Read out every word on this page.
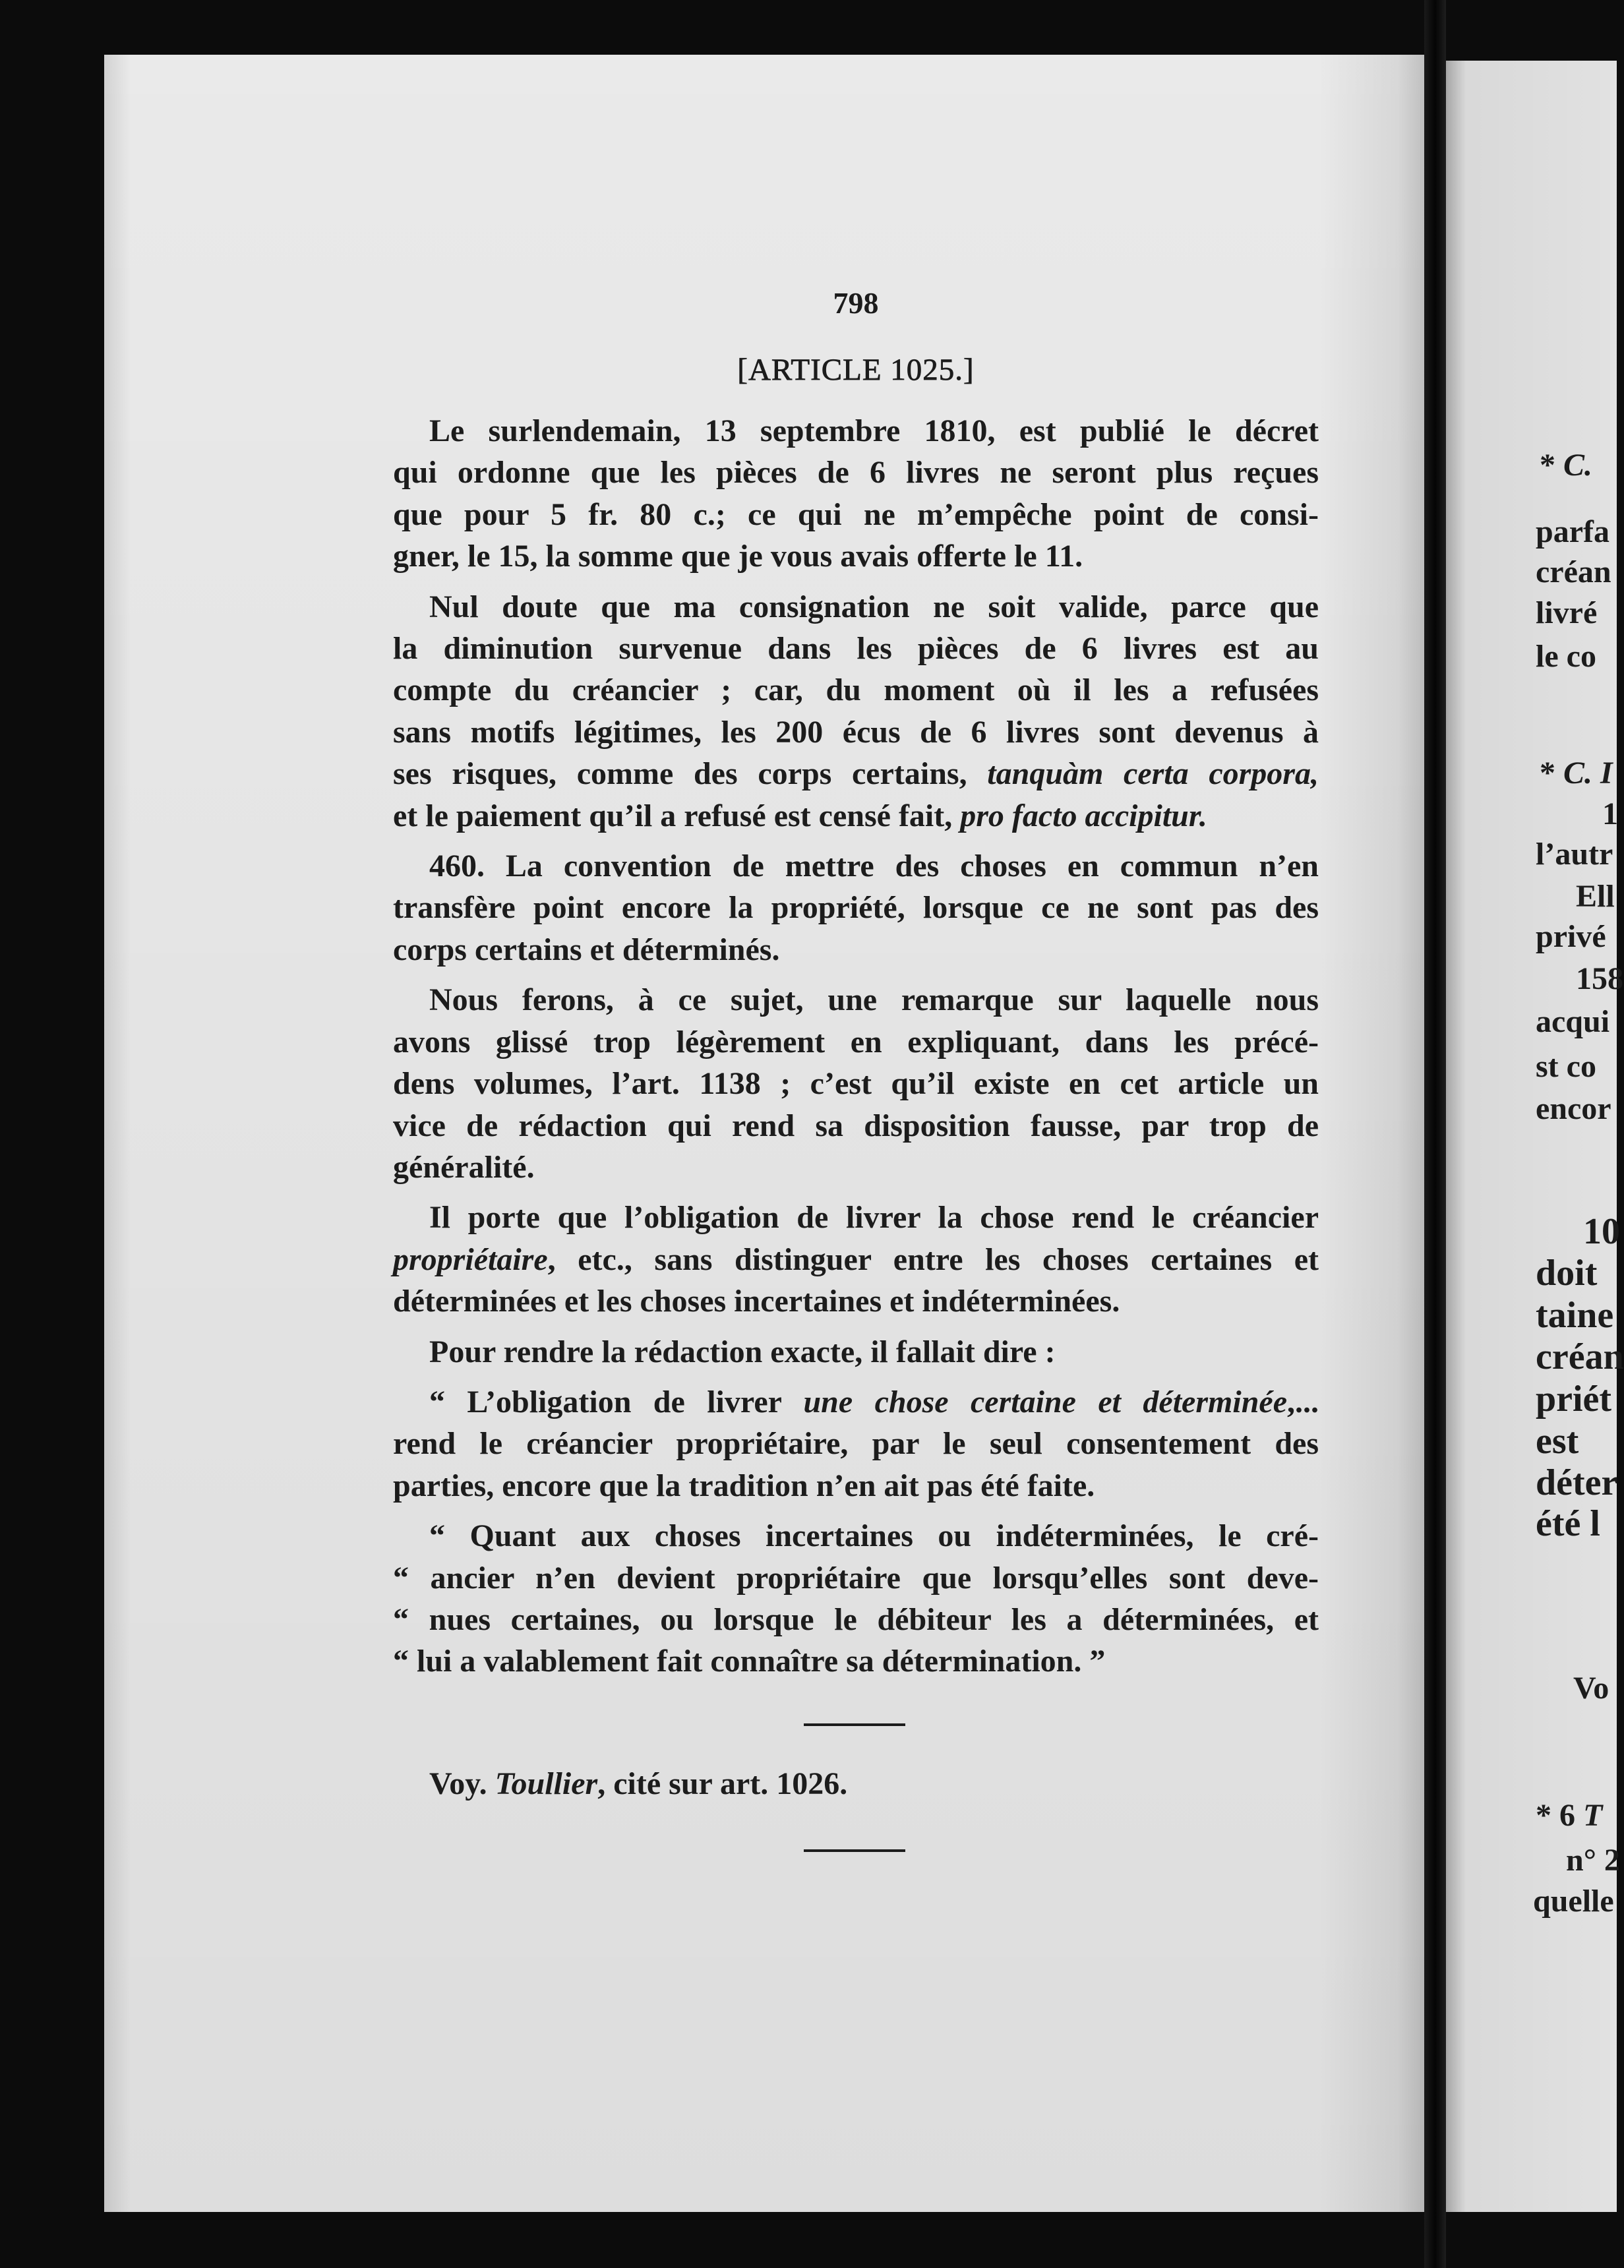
798
[ARTICLE 1025.]
Le surlendemain, 13 septembre 1810, est publié le décret
qui ordonne que les pièces de 6 livres ne seront plus reçues
que pour 5 fr. 80 c.; ce qui ne m’empêche point de consi-
gner, le 15, la somme que je vous avais offerte le 11.
Nul doute que ma consignation ne soit valide, parce que
la diminution survenue dans les pièces de 6 livres est au
compte du créancier ; car, du moment où il les a refusées
sans motifs légitimes, les 200 écus de 6 livres sont devenus à
ses risques, comme des corps certains, tanquàm certa corpora,
et le paiement qu’il a refusé est censé fait, pro facto accipitur.
460. La convention de mettre des choses en commun n’en
transfère point encore la propriété, lorsque ce ne sont pas des
corps certains et déterminés.
Nous ferons, à ce sujet, une remarque sur laquelle nous
avons glissé trop légèrement en expliquant, dans les précé-
dens volumes, l’art. 1138 ; c’est qu’il existe en cet article un
vice de rédaction qui rend sa disposition fausse, par trop de
généralité.
Il porte que l’obligation de livrer la chose rend le créancier
propriétaire, etc., sans distinguer entre les choses certaines et
déterminées et les choses incertaines et indéterminées.
Pour rendre la rédaction exacte, il fallait dire :
“ L’obligation de livrer une chose certaine et déterminée,...
rend le créancier propriétaire, par le seul consentement des
parties, encore que la tradition n’en ait pas été faite.
“ Quant aux choses incertaines ou indéterminées, le cré-
“ ancier n’en devient propriétaire que lorsqu’elles sont deve-
“ nues certaines, ou lorsque le débiteur les a déterminées, et
“ lui a valablement fait connaître sa détermination. ”
Voy. Toullier, cité sur art. 1026.
* C.
parfa
créan
livré
le co
* C. I
1
l’autr
Ell
privé
158
acqui
st co
encor
10
doit
taine
créan
priét
est
déter
été l
Vo
* 6 T
n° 2
quelle
